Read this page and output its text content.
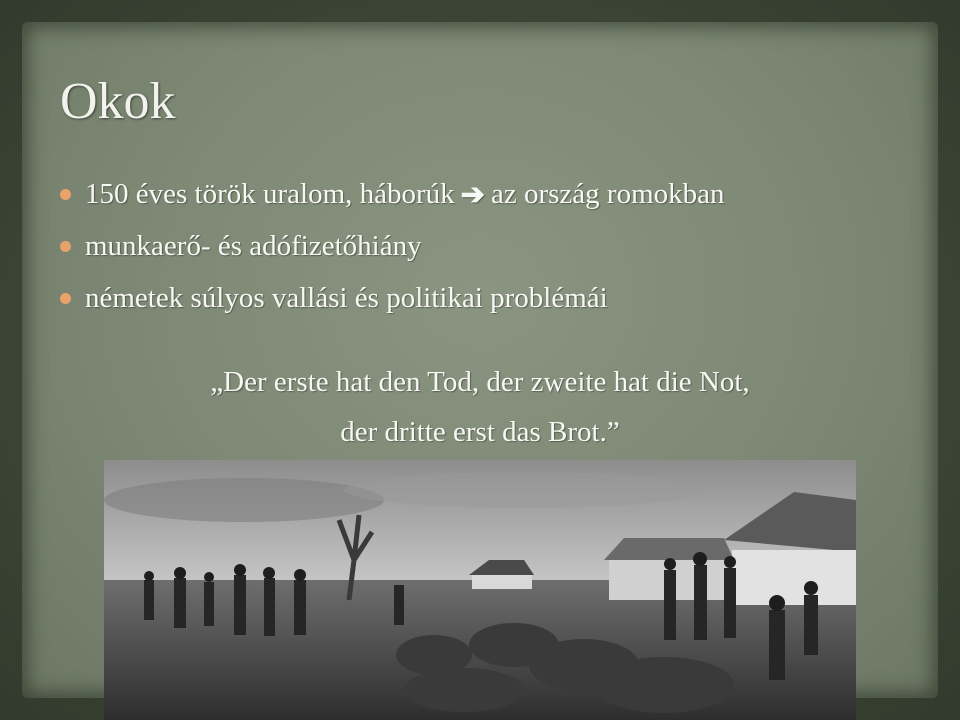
Okok
150 éves török uralom, háborúk ➔ az ország romokban
munkaerő- és adófizetőhiány
németek súlyos vallási és politikai problémái
„Der erste hat den Tod, der zweite hat die Not,
der dritte erst das Brot.”
